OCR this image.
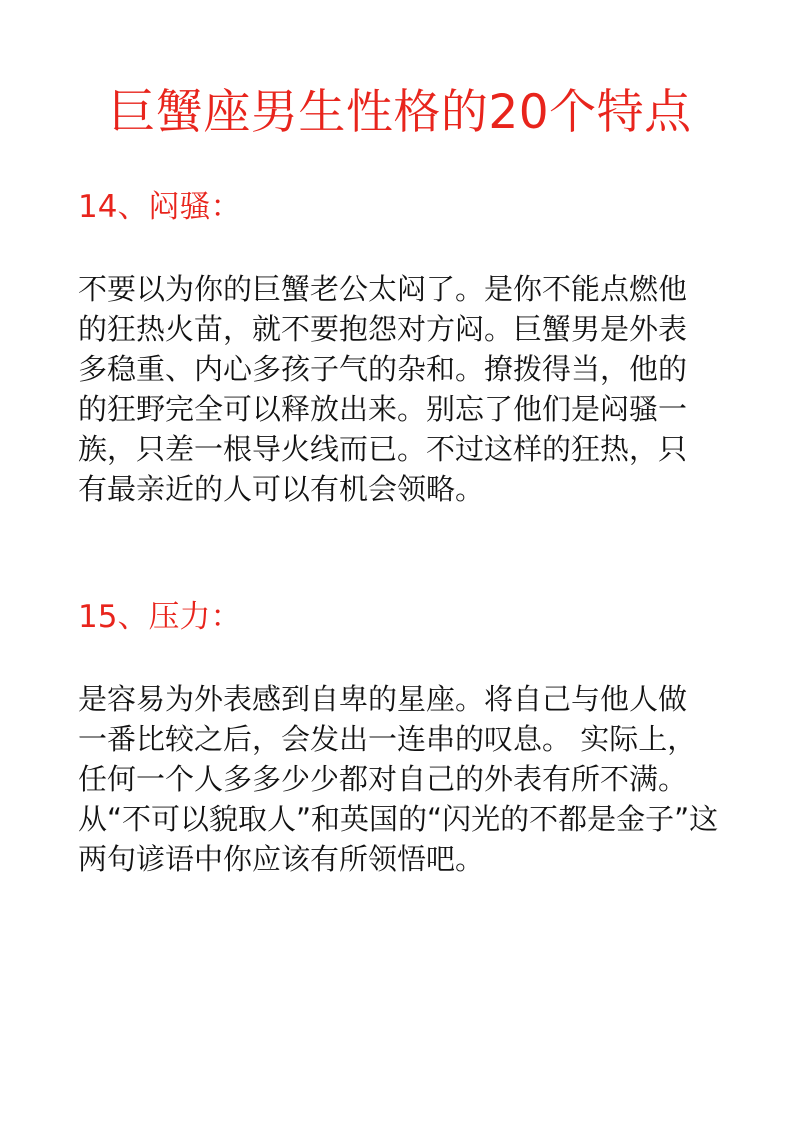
巨蟹座男生性格的20个特点
14、闷骚：

不要以为你的巨蟹老公太闷了。是你不能点燃他
的狂热火苗，就不要抱怨对方闷。巨蟹男是外表
多稳重、内心多孩子气的杂和。撩拨得当，他的
的狂野完全可以释放出来。别忘了他们是闷骚一
族，只差一根导火线而已。不过这样的狂热，只
有最亲近的人可以有机会领略。

15、压力：

是容易为外表感到自卑的星座。将自己与他人做
一番比较之后，会发出一连串的叹息。 实际上，
任何一个人多多少少都对自己的外表有所不满。
从“不可以貌取人”和英国的“闪光的不都是金子”这
两句谚语中你应该有所领悟吧。
